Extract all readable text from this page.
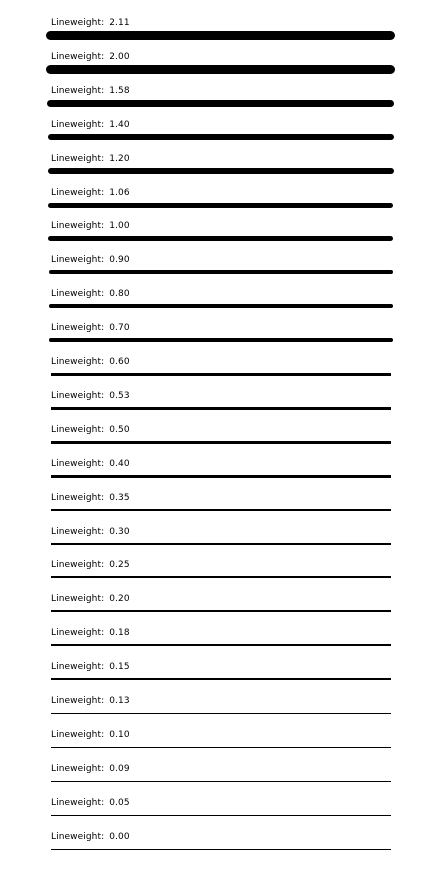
Lineweight: 2.11
Lineweight: 2.00
Lineweight: 1.58
Lineweight: 1.40
Lineweight: 1.20
Lineweight: 1.06
Lineweight: 1.00
Lineweight: 0.90
Lineweight: 0.80
Lineweight: 0.70
Lineweight: 0.60
Lineweight: 0.53
Lineweight: 0.50
Lineweight: 0.40
Lineweight: 0.35
Lineweight: 0.30
Lineweight: 0.25
Lineweight: 0.20
Lineweight: 0.18
Lineweight: 0.15
Lineweight: 0.13
Lineweight: 0.10
Lineweight: 0.09
Lineweight: 0.05
Lineweight: 0.00
